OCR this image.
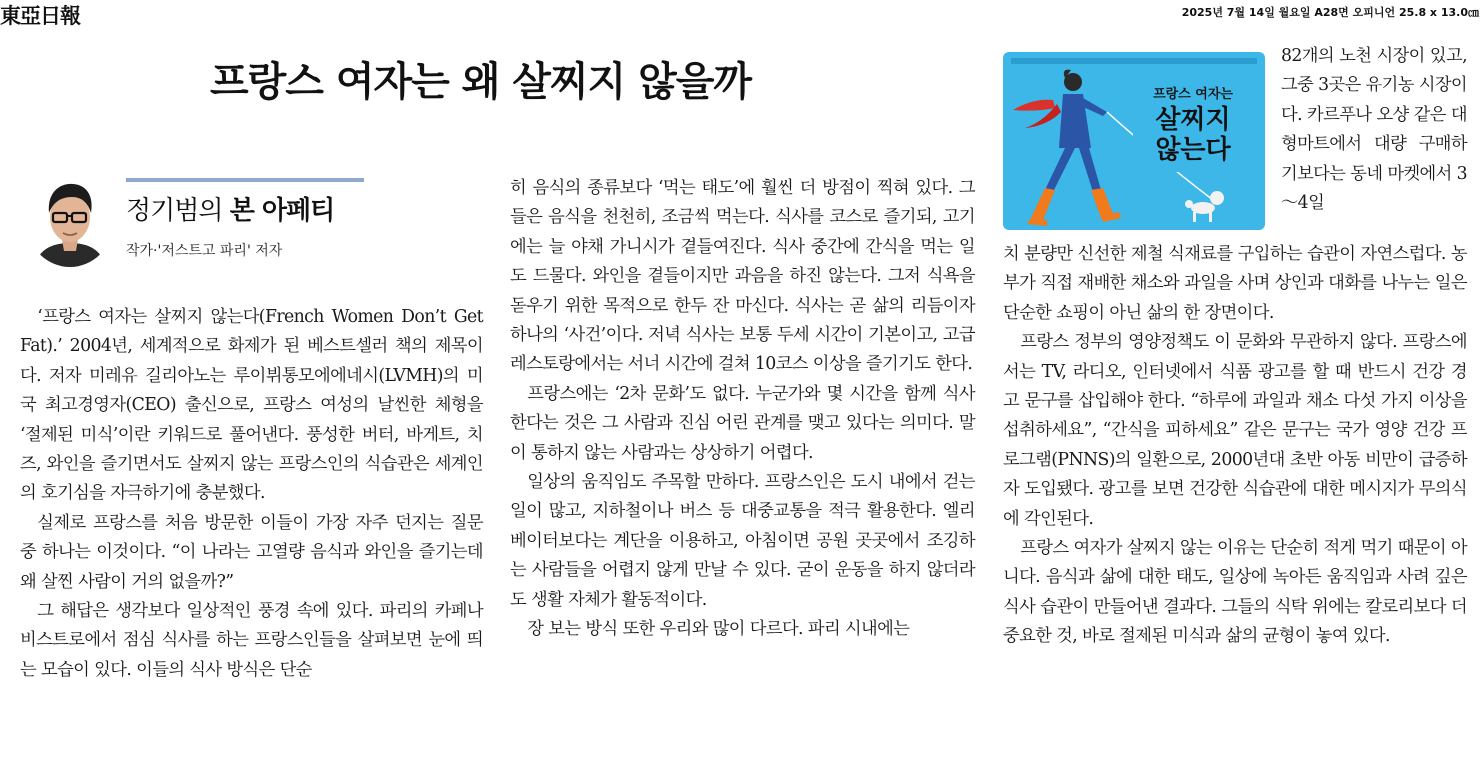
東亞日報	2025년 7월 14일 월요일 A28면 오피니언 25.8 x 13.0㎝
프랑스 여자는 왜 살찌지 않을까
정기범의 본 아페티
작가·'저스트고 파리' 저자

‘프랑스 여자는 살찌지 않는다(French Women Don’t Get Fat).’ 2004년, 세계적으로 화제가 된 베스트셀러 책의 제목이다. 저자 미레유 길리아노는 루이뷔통모에에네시(LVMH)의 미국 최고경영자(CEO) 출신으로, 프랑스 여성의 날씬한 체형을 ‘절제된 미식’이란 키워드로 풀어낸다. 풍성한 버터, 바게트, 치즈, 와인을 즐기면서도 살찌지 않는 프랑스인의 식습관은 세계인의 호기심을 자극하기에 충분했다.

실제로 프랑스를 처음 방문한 이들이 가장 자주 던지는 질문 중 하나는 이것이다. “이 나라는 고열량 음식과 와인을 즐기는데 왜 살찐 사람이 거의 없을까?”

그 해답은 생각보다 일상적인 풍경 속에 있다. 파리의 카페나 비스트로에서 점심 식사를 하는 프랑스인들을 살펴보면 눈에 띄는 모습이 있다. 이들의 식사 방식은 단순

히 음식의 종류보다 ‘먹는 태도’에 훨씬 더 방점이 찍혀 있다. 그들은 음식을 천천히, 조금씩 먹는다. 식사를 코스로 즐기되, 고기에는 늘 야채 가니시가 곁들여진다. 식사 중간에 간식을 먹는 일도 드물다. 와인을 곁들이지만 과음을 하진 않는다. 그저 식욕을 돋우기 위한 목적으로 한두 잔 마신다. 식사는 곧 삶의 리듬이자 하나의 ‘사건’이다. 저녁 식사는 보통 두세 시간이 기본이고, 고급 레스토랑에서는 서너 시간에 걸쳐 10코스 이상을 즐기기도 한다.

프랑스에는 ‘2차 문화’도 없다. 누군가와 몇 시간을 함께 식사한다는 것은 그 사람과 진심 어린 관계를 맺고 있다는 의미다. 말이 통하지 않는 사람과는 상상하기 어렵다.

일상의 움직임도 주목할 만하다. 프랑스인은 도시 내에서 걷는 일이 많고, 지하철이나 버스 등 대중교통을 적극 활용한다. 엘리베이터보다는 계단을 이용하고, 아침이면 공원 곳곳에서 조깅하는 사람들을 어렵지 않게 만날 수 있다. 굳이 운동을 하지 않더라도 생활 자체가 활동적이다.

장 보는 방식 또한 우리와 많이 다르다. 파리 시내에는

프랑스 여자는
살찌지
않는다

82개의 노천 시장이 있고, 그중 3곳은 유기농 시장이다. 카르푸나 오샹 같은 대형마트에서 대량 구매하기보다는 동네 마켓에서 3～4일

치 분량만 신선한 제철 식재료를 구입하는 습관이 자연스럽다. 농부가 직접 재배한 채소와 과일을 사며 상인과 대화를 나누는 일은 단순한 쇼핑이 아닌 삶의 한 장면이다.

프랑스 정부의 영양정책도 이 문화와 무관하지 않다. 프랑스에서는 TV, 라디오, 인터넷에서 식품 광고를 할 때 반드시 건강 경고 문구를 삽입해야 한다. “하루에 과일과 채소 다섯 가지 이상을 섭취하세요”, “간식을 피하세요” 같은 문구는 국가 영양 건강 프로그램(PNNS)의 일환으로, 2000년대 초반 아동 비만이 급증하자 도입됐다. 광고를 보면 건강한 식습관에 대한 메시지가 무의식에 각인된다.

프랑스 여자가 살찌지 않는 이유는 단순히 적게 먹기 때문이 아니다. 음식과 삶에 대한 태도, 일상에 녹아든 움직임과 사려 깊은 식사 습관이 만들어낸 결과다. 그들의 식탁 위에는 칼로리보다 더 중요한 것, 바로 절제된 미식과 삶의 균형이 놓여 있다.
